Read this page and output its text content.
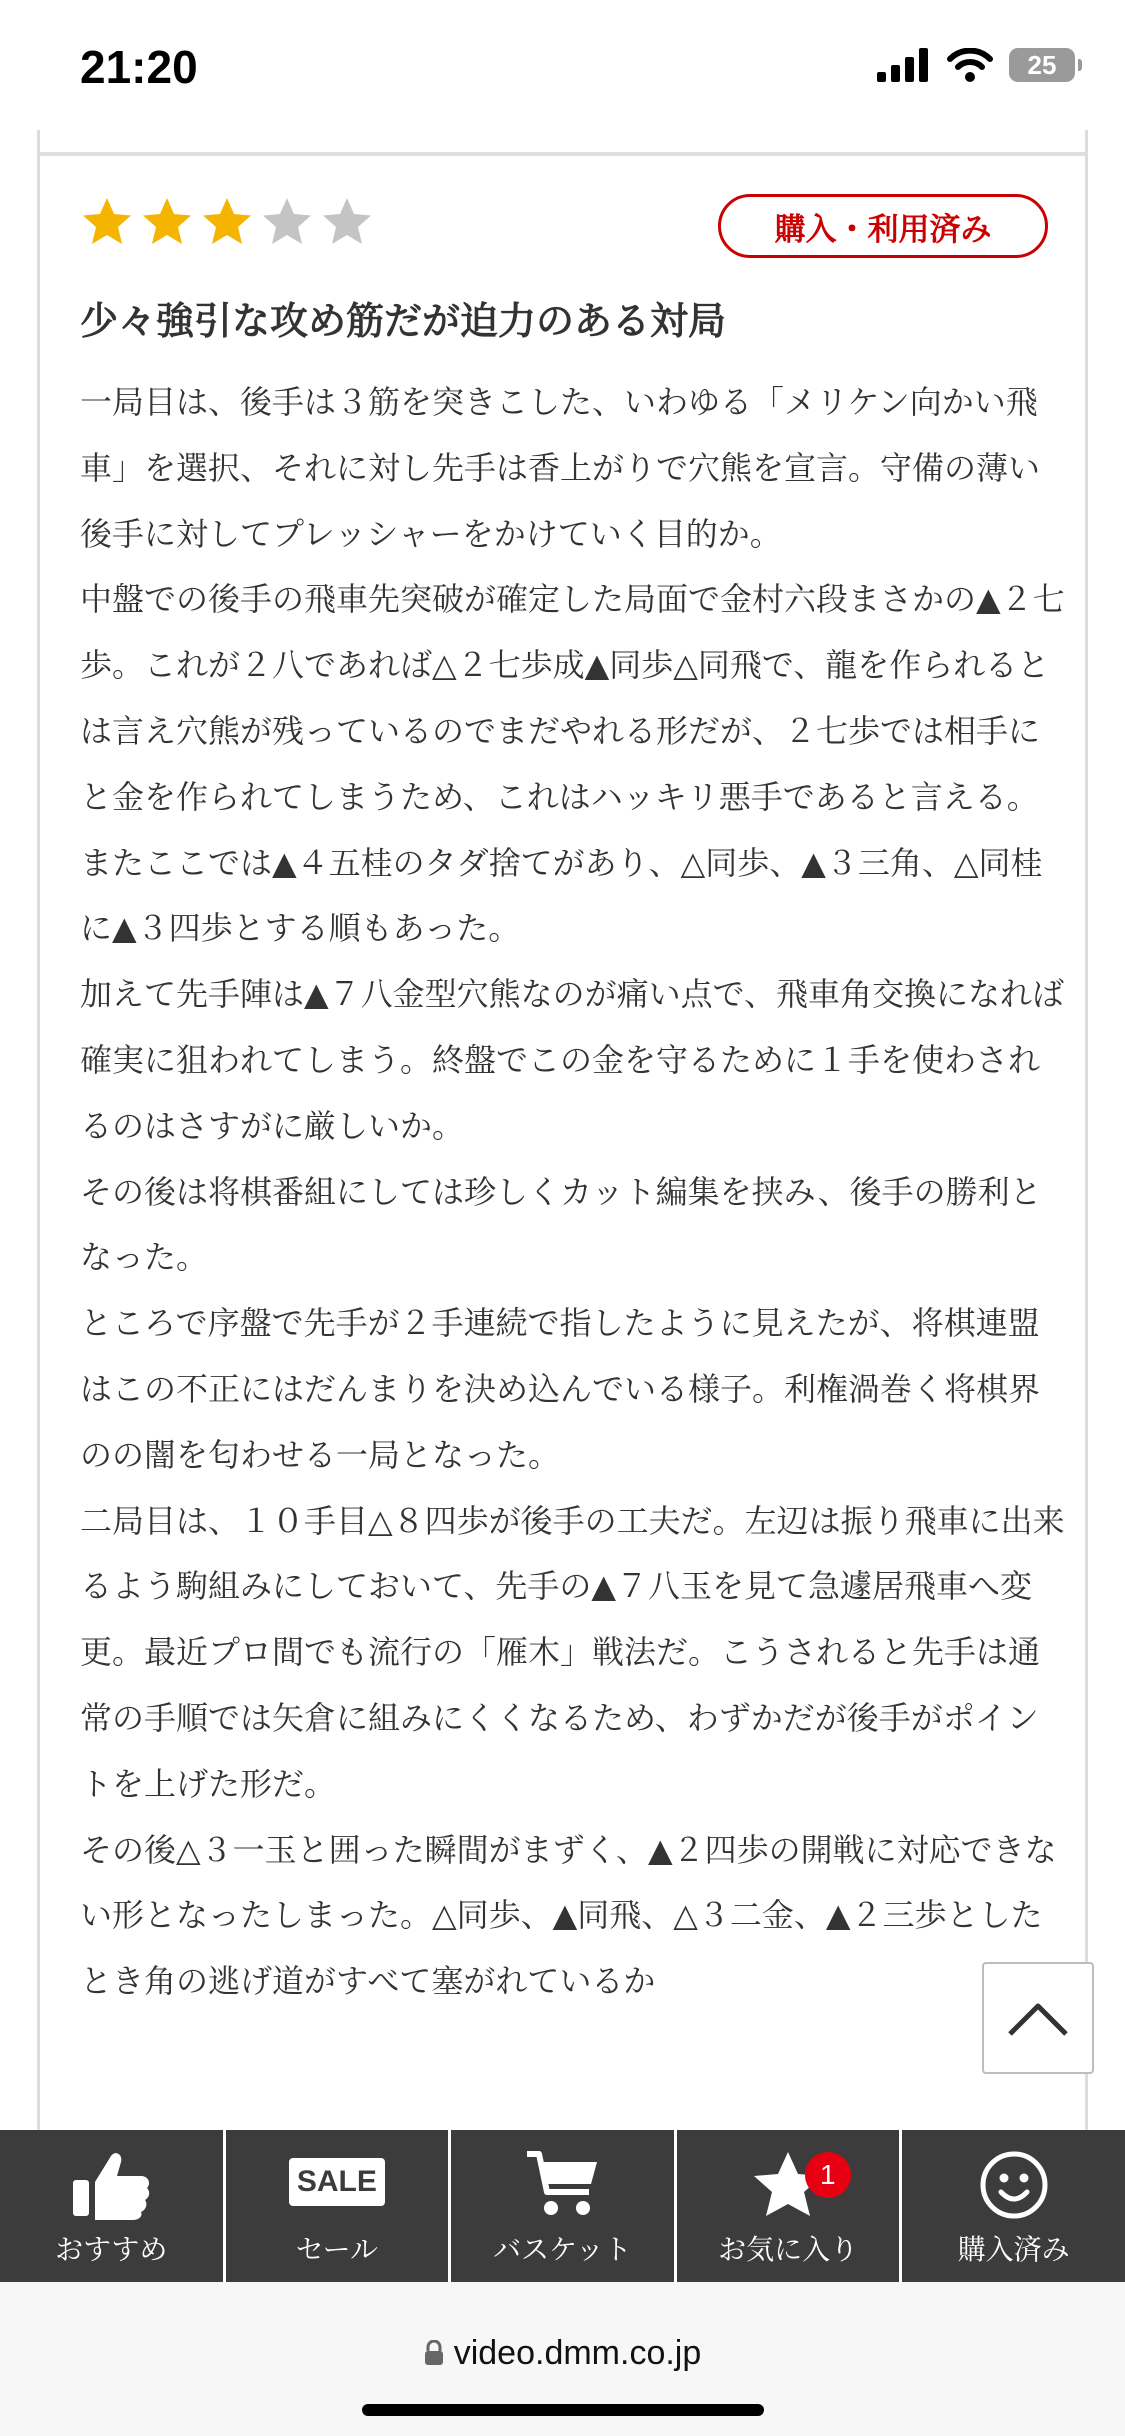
21:20	25
購入・利用済み
少々強引な攻め筋だが迫力のある対局

一局目は、後手は３筋を突きこした、いわゆる「メリケン向かい飛車」を選択、それに対し先手は香上がりで穴熊を宣言。守備の薄い後手に対してプレッシャーをかけていく目的か。

中盤での後手の飛車先突破が確定した局面で金村六段まさかの▲２七歩。これが２八であれば△２七歩成▲同歩△同飛で、龍を作られるとは言え穴熊が残っているのでまだやれる形だが、２七歩では相手にと金を作られてしまうため、これはハッキリ悪手であると言える。

またここでは▲４五桂のタダ捨てがあり、△同歩、▲３三角、△同桂に▲３四歩とする順もあった。

加えて先手陣は▲７八金型穴熊なのが痛い点で、飛車角交換になれば確実に狙われてしまう。終盤でこの金を守るために１手を使わされるのはさすがに厳しいか。

その後は将棋番組にしては珍しくカット編集を挟み、後手の勝利となった。

ところで序盤で先手が２手連続で指したように見えたが、将棋連盟はこの不正にはだんまりを決め込んでいる様子。利権渦巻く将棋界のの闇を匂わせる一局となった。

二局目は、１０手目△８四歩が後手の工夫だ。左辺は振り飛車に出来るよう駒組みにしておいて、先手の▲７八玉を見て急遽居飛車へ変更。最近プロ間でも流行の「雁木」戦法だ。こうされると先手は通常の手順では矢倉に組みにくくなるため、わずかだが後手がポイントを上げた形だ。

その後△３一玉と囲った瞬間がまずく、▲２四歩の開戦に対応できない形となったしまった。△同歩、▲同飛、△３二金、▲２三歩としたとき角の逃げ道がすべて塞がれているか

おすすめ
SALE
セール	バスケット
1
お気に入り	購入済み
video.dmm.co.jp
